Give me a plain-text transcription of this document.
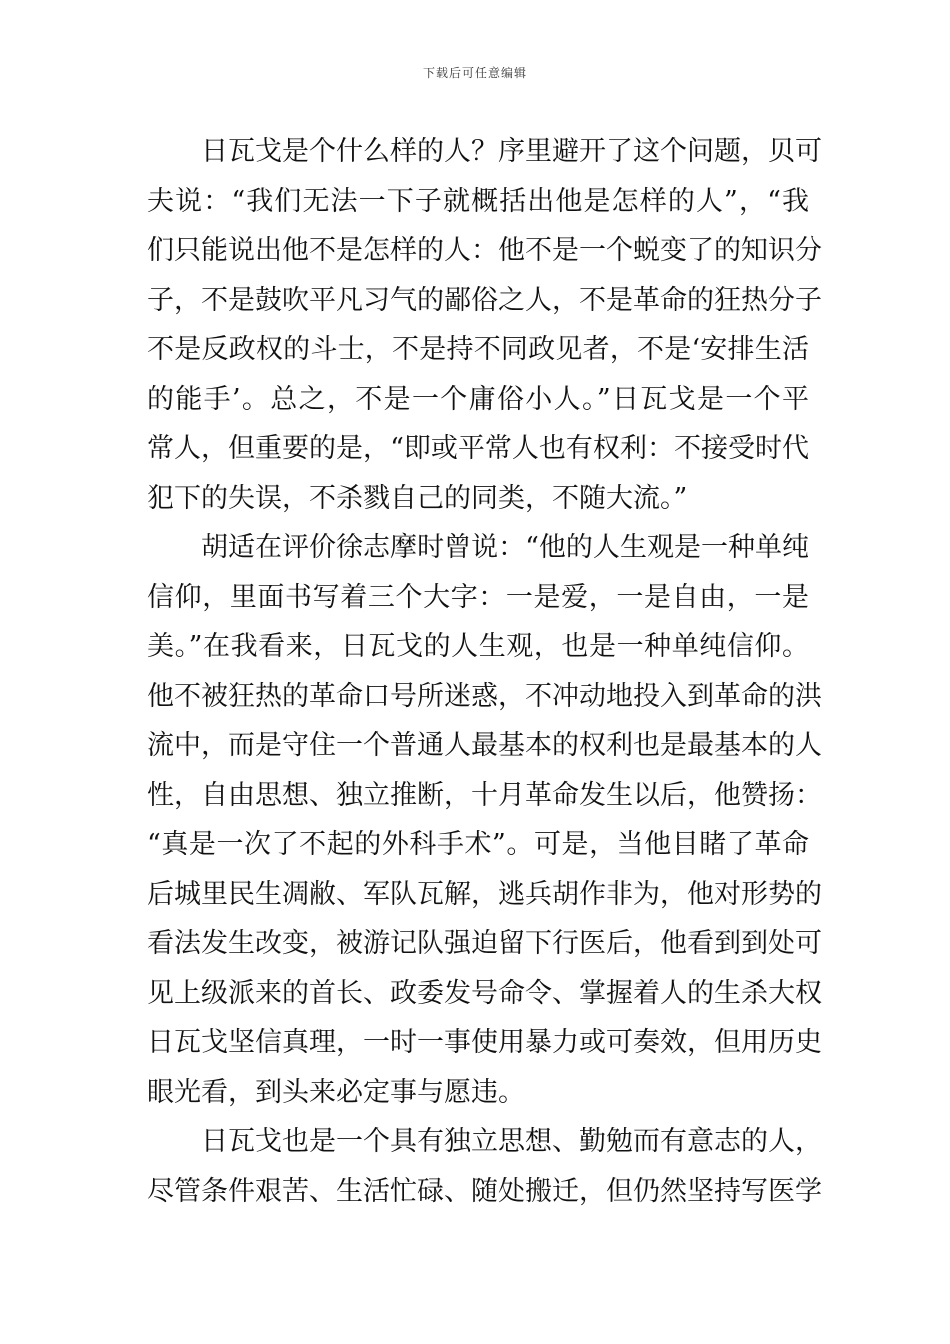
下载后可任意编辑
日瓦戈是个什么样的人？序里避开了这个问题，贝可
夫说：“我们无法一下子就概括出他是怎样的人”，“我
们只能说出他不是怎样的人：他不是一个蜕变了的知识分
子，不是鼓吹平凡习气的鄙俗之人，不是革命的狂热分子
不是反政权的斗士，不是持不同政见者，不是‘安排生活
的能手’。总之，不是一个庸俗小人。”日瓦戈是一个平
常人，但重要的是，“即或平常人也有权利：不接受时代
犯下的失误，不杀戮自己的同类，不随大流。”
胡适在评价徐志摩时曾说：“他的人生观是一种单纯
信仰，里面书写着三个大字：一是爱，一是自由，一是
美。”在我看来，日瓦戈的人生观，也是一种单纯信仰。
他不被狂热的革命口号所迷惑，不冲动地投入到革命的洪
流中，而是守住一个普通人最基本的权利也是最基本的人
性，自由思想、独立推断，十月革命发生以后，他赞扬：
“真是一次了不起的外科手术”。可是，当他目睹了革命
后城里民生凋敝、军队瓦解，逃兵胡作非为，他对形势的
看法发生改变，被游记队强迫留下行医后，他看到到处可
见上级派来的首长、政委发号命令、掌握着人的生杀大权
日瓦戈坚信真理，一时一事使用暴力或可奏效，但用历史
眼光看，到头来必定事与愿违。
日瓦戈也是一个具有独立思想、勤勉而有意志的人，
尽管条件艰苦、生活忙碌、随处搬迁，但仍然坚持写医学
